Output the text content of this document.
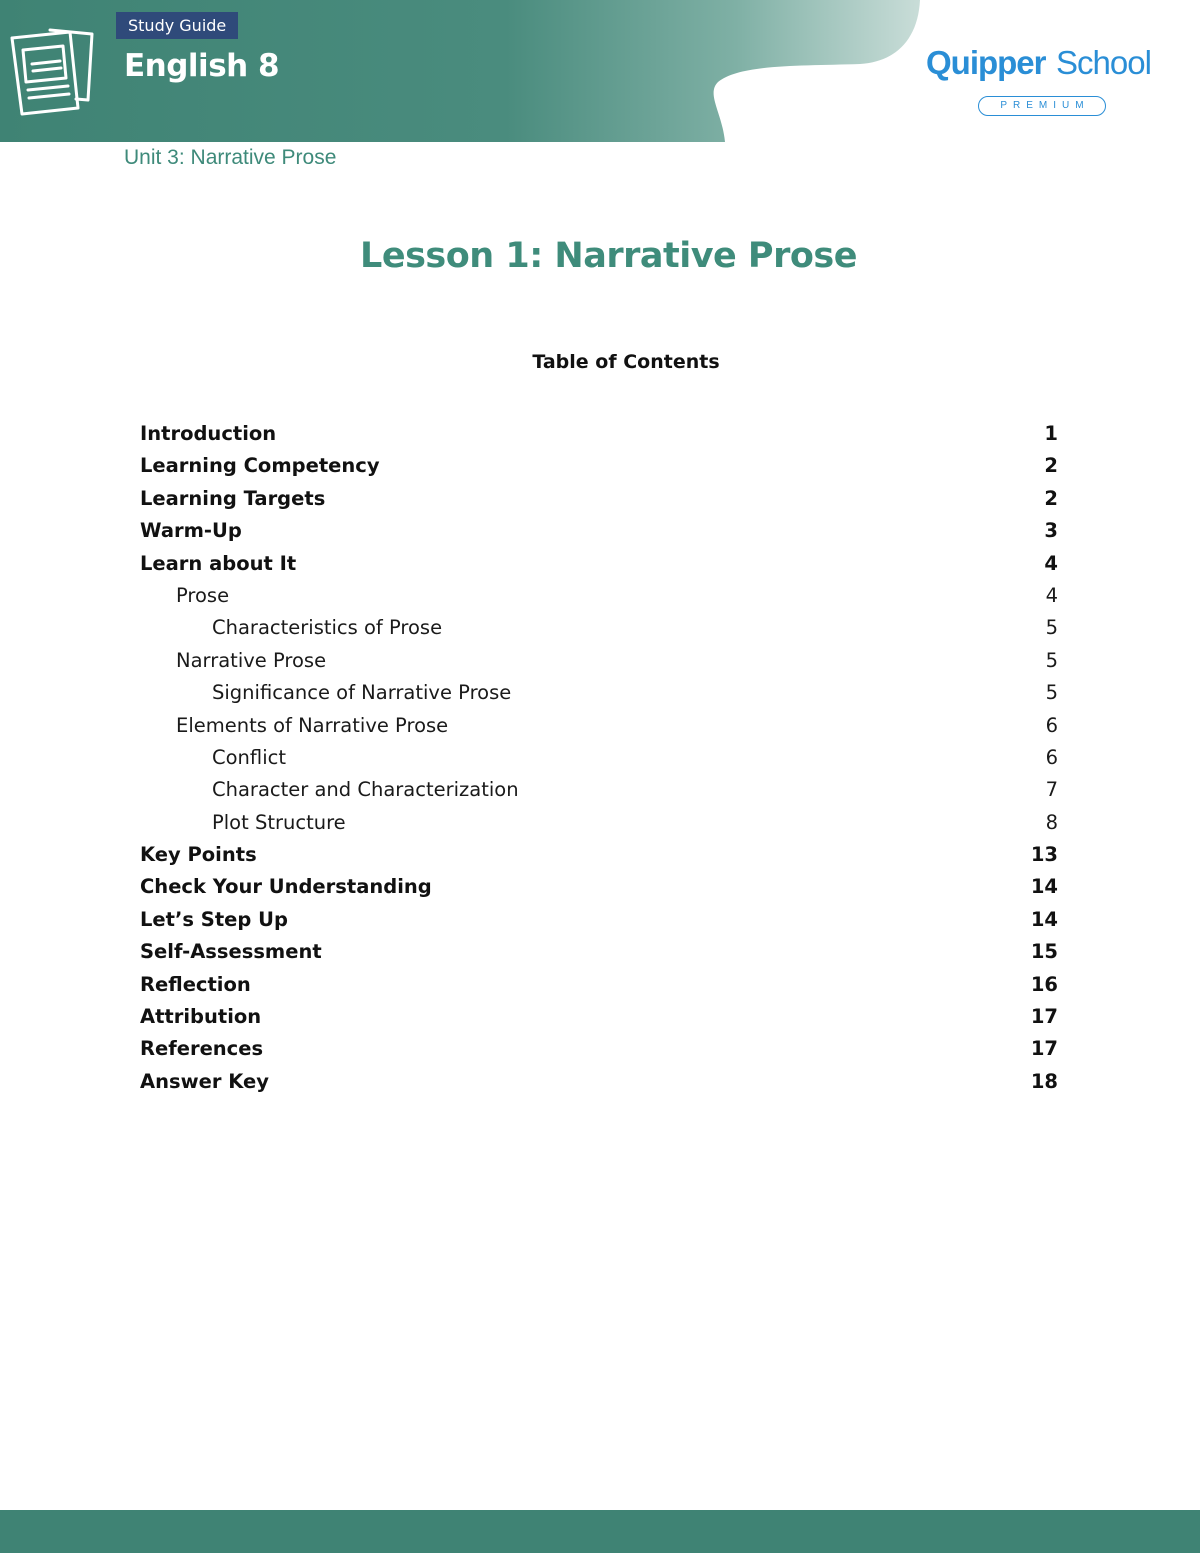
Study Guide
English 8	Quipper School
PREMIUM
Unit 3: Narrative Prose
Lesson 1: Narrative Prose
Table of Contents
Introduction	1
Learning Competency	2
Learning Targets	2
Warm-Up	3
Learn about It	4
Prose	4
Characteristics of Prose	5
Narrative Prose	5
Significance of Narrative Prose	5
Elements of Narrative Prose	6
Conflict	6
Character and Characterization	7
Plot Structure	8
Key Points	13
Check Your Understanding	14
Let’s Step Up	14
Self-Assessment	15
Reflection	16
Attribution	17
References	17
Answer Key	18
